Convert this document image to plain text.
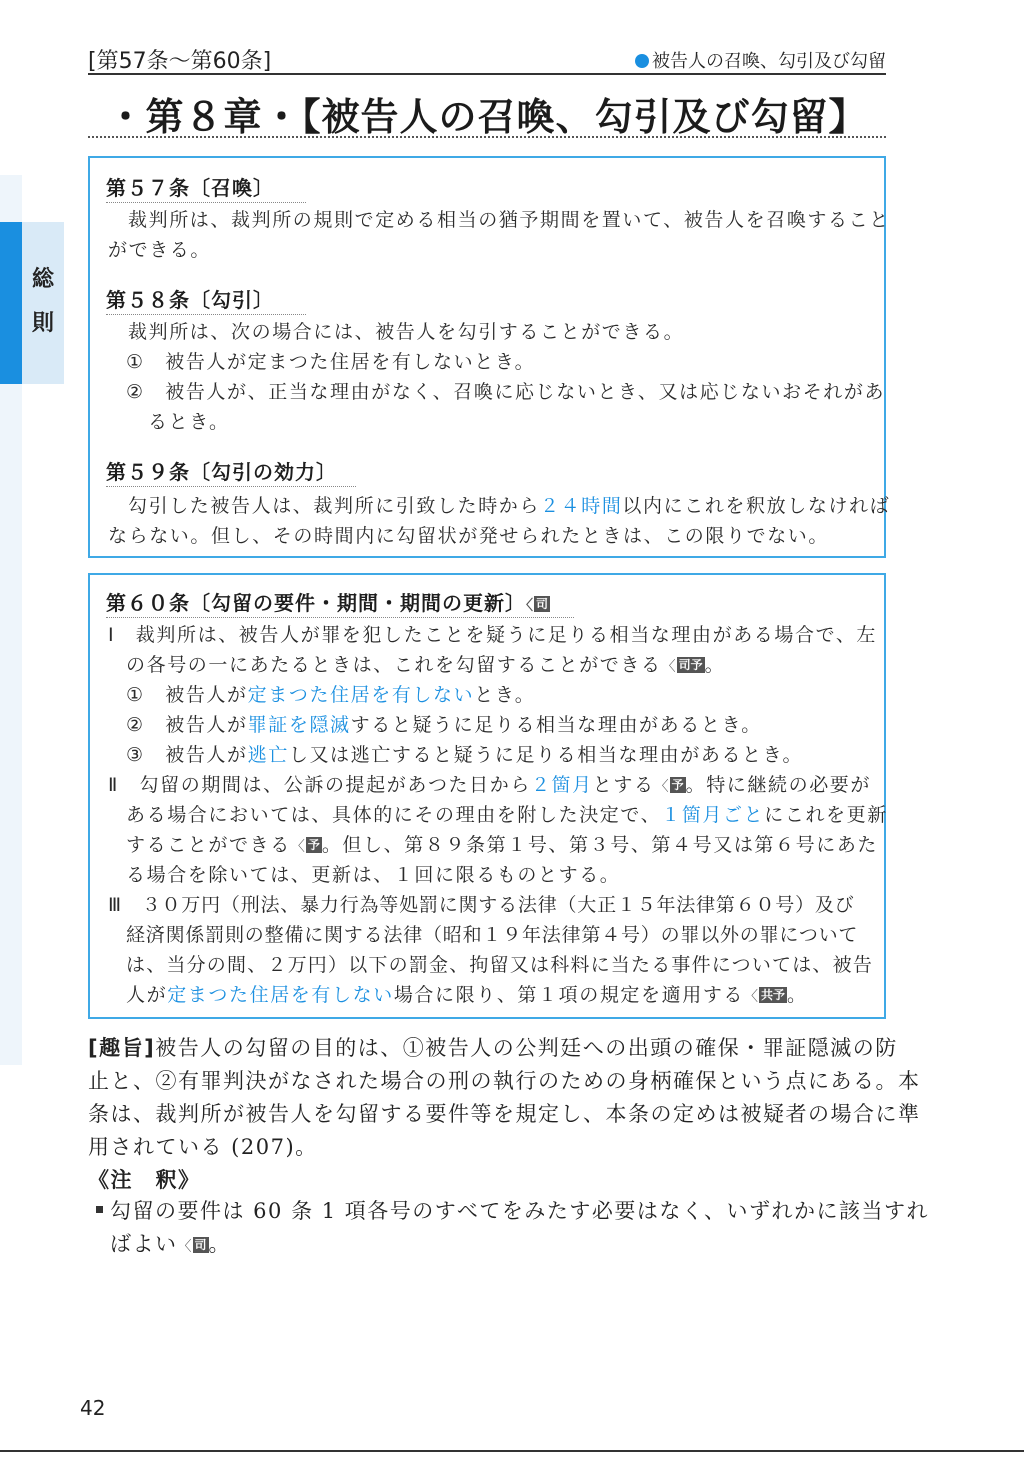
[第57条〜第60条]	被告人の召喚、勾引及び勾留
・第８章・【被告人の召喚、勾引及び勾留】
総
則
第５７条〔召喚〕
裁判所は、裁判所の規則で定める相当の猶予期間を置いて、被告人を召喚すること
ができる。
第５８条〔勾引〕
裁判所は、次の場合には、被告人を勾引することができる。
①　被告人が定まつた住居を有しないとき。
②　被告人が、正当な理由がなく、召喚に応じないとき、又は応じないおそれがあ
るとき。
第５９条〔勾引の効力〕
勾引した被告人は、裁判所に引致した時から２４時間以内にこれを釈放しなければ
ならない。但し、その時間内に勾留状が発せられたときは、この限りでない。
第６０条〔勾留の要件・期間・期間の更新〕〈 司
Ⅰ　裁判所は、被告人が罪を犯したことを疑うに足りる相当な理由がある場合で、左
の各号の一にあたるときは、これを勾留することができる〈 司予 。
①　被告人が定まつた住居を有しないとき。
②　被告人が罪証を隠滅すると疑うに足りる相当な理由があるとき。
③　被告人が逃亡し又は逃亡すると疑うに足りる相当な理由があるとき。
Ⅱ　勾留の期間は、公訴の提起があつた日から２箇月とする〈 予 。特に継続の必要が
ある場合においては、具体的にその理由を附した決定で、１箇月ごとにこれを更新
することができる〈 予 。但し、第８９条第１号、第３号、第４号又は第６号にあた
る場合を除いては、更新は、１回に限るものとする。
Ⅲ　３０万円（刑法、暴力行為等処罰に関する法律（大正１５年法律第６０号）及び
経済関係罰則の整備に関する法律（昭和１９年法律第４号）の罪以外の罪について
は、当分の間、２万円）以下の罰金、拘留又は科料に当たる事件については、被告
人が定まつた住居を有しない場合に限り、第１項の規定を適用する〈 共予 。
[趣旨]被告人の勾留の目的は、①被告人の公判廷への出頭の確保・罪証隠滅の防
止と、②有罪判決がなされた場合の刑の執行のための身柄確保という点にある。本
条は、裁判所が被告人を勾留する要件等を規定し、本条の定めは被疑者の場合に準
用されている (207)。
《注　釈》
勾留の要件は 60 条 1 項各号のすべてをみたす必要はなく、いずれかに該当すれ
ばよい〈 司。
42
